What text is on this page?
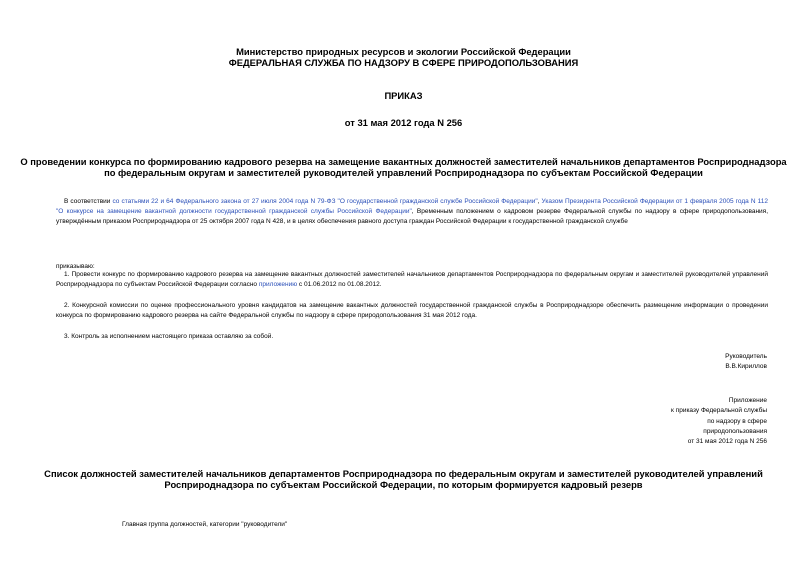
Министерство природных ресурсов и экологии Российской Федерации
ФЕДЕРАЛЬНАЯ СЛУЖБА ПО НАДЗОРУ В СФЕРЕ ПРИРОДОПОЛЬЗОВАНИЯ
ПРИКАЗ
от 31 мая 2012 года N 256
О проведении конкурса по формированию кадрового резерва на замещение вакантных должностей заместителей начальников департаментов Росприроднадзора по федеральным округам и заместителей руководителей управлений Росприроднадзора по субъектам Российской Федерации
В соответствии со статьями 22 и 64 Федерального закона от 27 июля 2004 года N 79-ФЗ "О государственной гражданской службе Российской Федерации", Указом Президента Российской Федерации от 1 февраля 2005 года N 112 "О конкурсе на замещение вакантной должности государственной гражданской службы Российской Федерации", Временным положением о кадровом резерве Федеральной службы по надзору в сфере природопользования, утверждённым приказом Росприроднадзора от 25 октября 2007 года N 428, и в целях обеспечения равного доступа граждан Российской Федерации к государственной гражданской службе
приказываю:
1. Провести конкурс по формированию кадрового резерва на замещение вакантных должностей заместителей начальников департаментов Росприроднадзора по федеральным округам и заместителей руководителей управлений Росприроднадзора по субъектам Российской Федерации согласно приложению с 01.06.2012 по 01.08.2012.
2. Конкурсной комиссии по оценке профессионального уровня кандидатов на замещение вакантных должностей государственной гражданской службы в Росприроднадзоре обеспечить размещение информации о проведении конкурса по формированию кадрового резерва на сайте Федеральной службы по надзору в сфере природопользования 31 мая 2012 года.
3. Контроль за исполнением настоящего приказа оставляю за собой.
Руководитель
В.В.Кириллов
Приложение
к приказу Федеральной службы
по надзору в сфере
природопользования
от 31 мая 2012 года N 256
Список должностей заместителей начальников департаментов Росприроднадзора по федеральным округам и заместителей руководителей управлений Росприроднадзора по субъектам Российской Федерации, по которым формируется кадровый резерв
Главная группа должностей, категории "руководители"
